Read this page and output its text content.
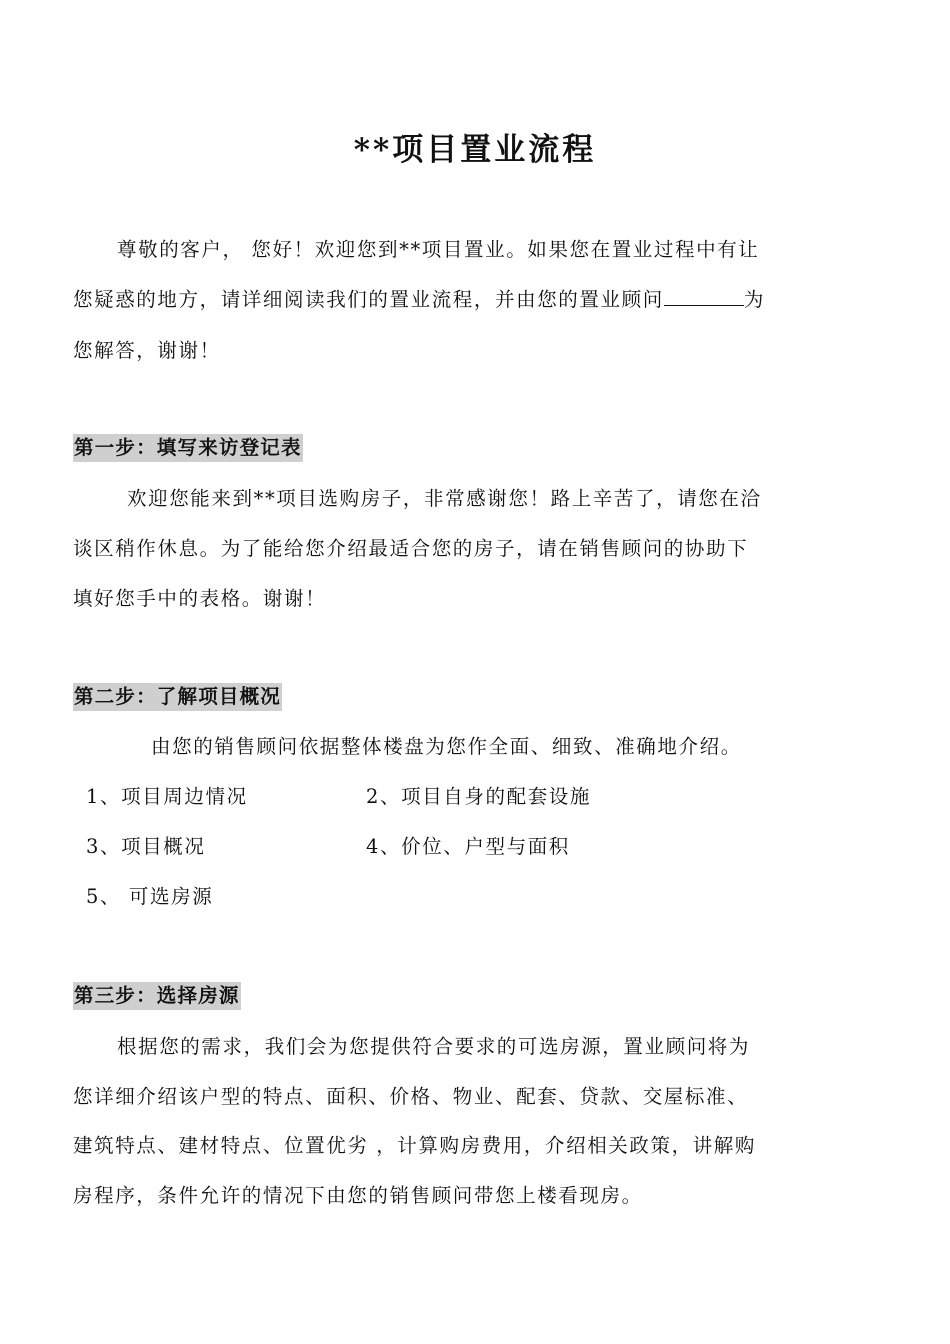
**项目置业流程
尊敬的客户， 您好！欢迎您到**项目置业。如果您在置业过程中有让
您疑惑的地方，请详细阅读我们的置业流程，并由您的置业顾问	为
您解答，谢谢！
第一步：填写来访登记表
欢迎您能来到**项目选购房子，非常感谢您！路上辛苦了，请您在洽
谈区稍作休息。为了能给您介绍最适合您的房子，请在销售顾问的协助下
填好您手中的表格。谢谢！
第二步：了解项目概况
由您的销售顾问依据整体楼盘为您作全面、细致、准确地介绍。
1、项目周边情况	2、项目自身的配套设施
3、项目概况	4、价位、户型与面积
5、 可选房源
第三步：选择房源
根据您的需求，我们会为您提供符合要求的可选房源，置业顾问将为
您详细介绍该户型的特点、面积、价格、物业、配套、贷款、交屋标准、
建筑特点、建材特点、位置优劣 ，计算购房费用，介绍相关政策，讲解购
房程序，条件允许的情况下由您的销售顾问带您上楼看现房。
